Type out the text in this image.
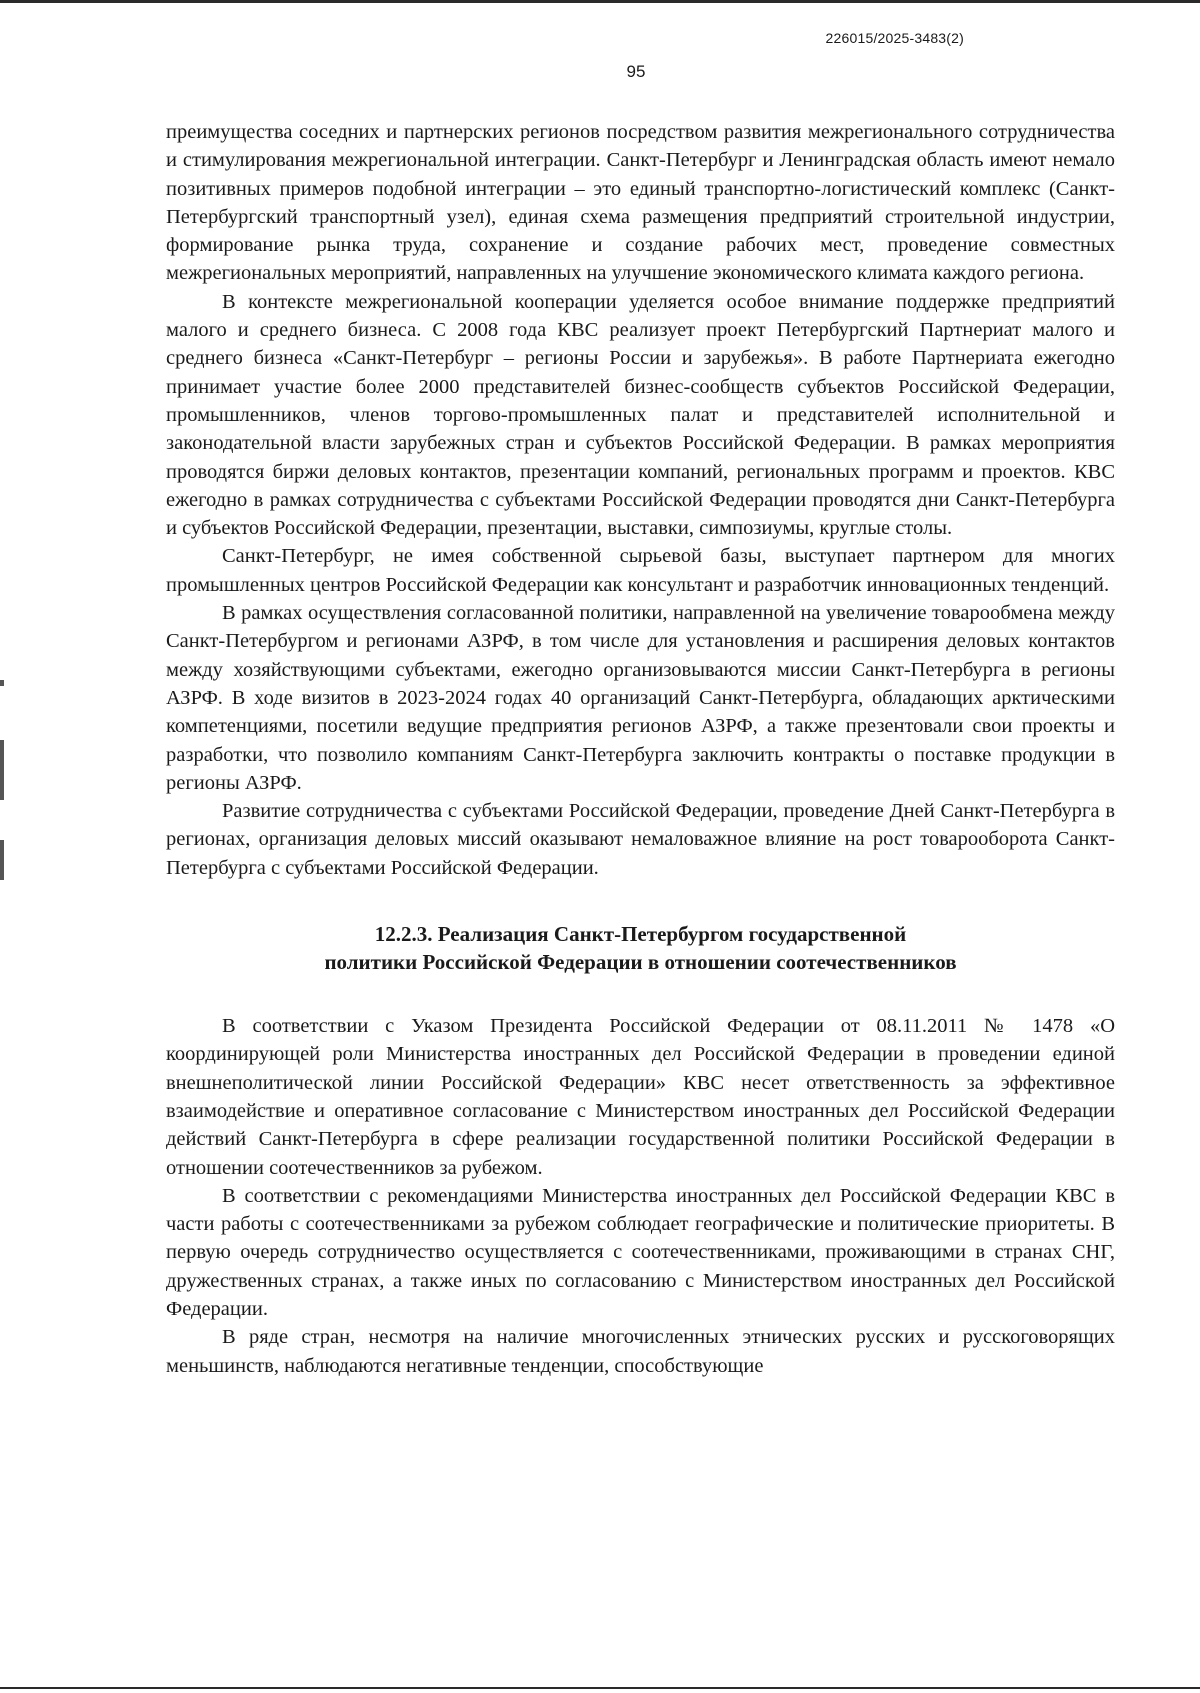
226015/2025-3483(2)
95

преимущества соседних и партнерских регионов посредством развития межрегионального сотрудничества и стимулирования межрегиональной интеграции. Санкт-Петербург и Ленинградская область имеют немало позитивных примеров подобной интеграции – это единый транспортно-логистический комплекс (Санкт-Петербургский транспортный узел), единая схема размещения предприятий строительной индустрии, формирование рынка труда, сохранение и создание рабочих мест, проведение совместных межрегиональных мероприятий, направленных на улучшение экономического климата каждого региона.

В контексте межрегиональной кооперации уделяется особое внимание поддержке предприятий малого и среднего бизнеса. С 2008 года КВС реализует проект Петербургский Партнериат малого и среднего бизнеса «Санкт-Петербург – регионы России и зарубежья». В работе Партнериата ежегодно принимает участие более 2000 представителей бизнес-сообществ субъектов Российской Федерации, промышленников, членов торгово-промышленных палат и представителей исполнительной и законодательной власти зарубежных стран и субъектов Российской Федерации. В рамках мероприятия проводятся биржи деловых контактов, презентации компаний, региональных программ и проектов. КВС ежегодно в рамках сотрудничества с субъектами Российской Федерации проводятся дни Санкт-Петербурга и субъектов Российской Федерации, презентации, выставки, симпозиумы, круглые столы.

Санкт-Петербург, не имея собственной сырьевой базы, выступает партнером для многих промышленных центров Российской Федерации как консультант и разработчик инновационных тенденций.

В рамках осуществления согласованной политики, направленной на увеличение товарообмена между Санкт-Петербургом и регионами АЗРФ, в том числе для установления и расширения деловых контактов между хозяйствующими субъектами, ежегодно организовываются миссии Санкт-Петербурга в регионы АЗРФ. В ходе визитов в 2023-2024 годах 40 организаций Санкт-Петербурга, обладающих арктическими компетенциями, посетили ведущие предприятия регионов АЗРФ, а также презентовали свои проекты и разработки, что позволило компаниям Санкт-Петербурга заключить контракты о поставке продукции в регионы АЗРФ.

Развитие сотрудничества с субъектами Российской Федерации, проведение Дней Санкт-Петербурга в регионах, организация деловых миссий оказывают немаловажное влияние на рост товарооборота Санкт-Петербурга с субъектами Российской Федерации.

12.2.3. Реализация Санкт-Петербургом государственной
политики Российской Федерации в отношении соотечественников

В соответствии с Указом Президента Российской Федерации от 08.11.2011 № 1478 «О координирующей роли Министерства иностранных дел Российской Федерации в проведении единой внешнеполитической линии Российской Федерации» КВС несет ответственность за эффективное взаимодействие и оперативное согласование с Министерством иностранных дел Российской Федерации действий Санкт-Петербурга в сфере реализации государственной политики Российской Федерации в отношении соотечественников за рубежом.

В соответствии с рекомендациями Министерства иностранных дел Российской Федерации КВС в части работы с соотечественниками за рубежом соблюдает географические и политические приоритеты. В первую очередь сотрудничество осуществляется с соотечественниками, проживающими в странах СНГ, дружественных странах, а также иных по согласованию с Министерством иностранных дел Российской Федерации.

В ряде стран, несмотря на наличие многочисленных этнических русских и русскоговорящих меньшинств, наблюдаются негативные тенденции, способствующие
